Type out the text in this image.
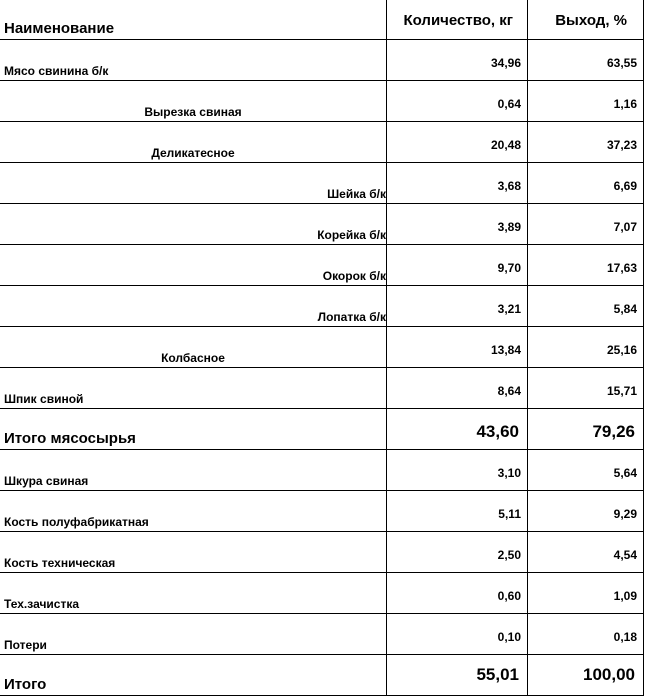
Наименование	Количество, кг	Выход, %

Мясо свинина б/к	34,96	63,55

Вырезка свиная	0,64	1,16

Деликатесное	20,48	37,23

Шейка б/к	3,68	6,69

Корейка б/к	3,89	7,07

Окорок б/к	9,70	17,63

Лопатка б/к	3,21	5,84

Колбасное	13,84	25,16

Шпик свиной	8,64	15,71

Итого мясосырья	43,60	79,26

Шкура свиная	3,10	5,64

Кость полуфабрикатная	5,11	9,29

Кость техническая	2,50	4,54

Тех.зачистка	0,60	1,09

Потери	0,10	0,18

Итого	55,01	100,00
